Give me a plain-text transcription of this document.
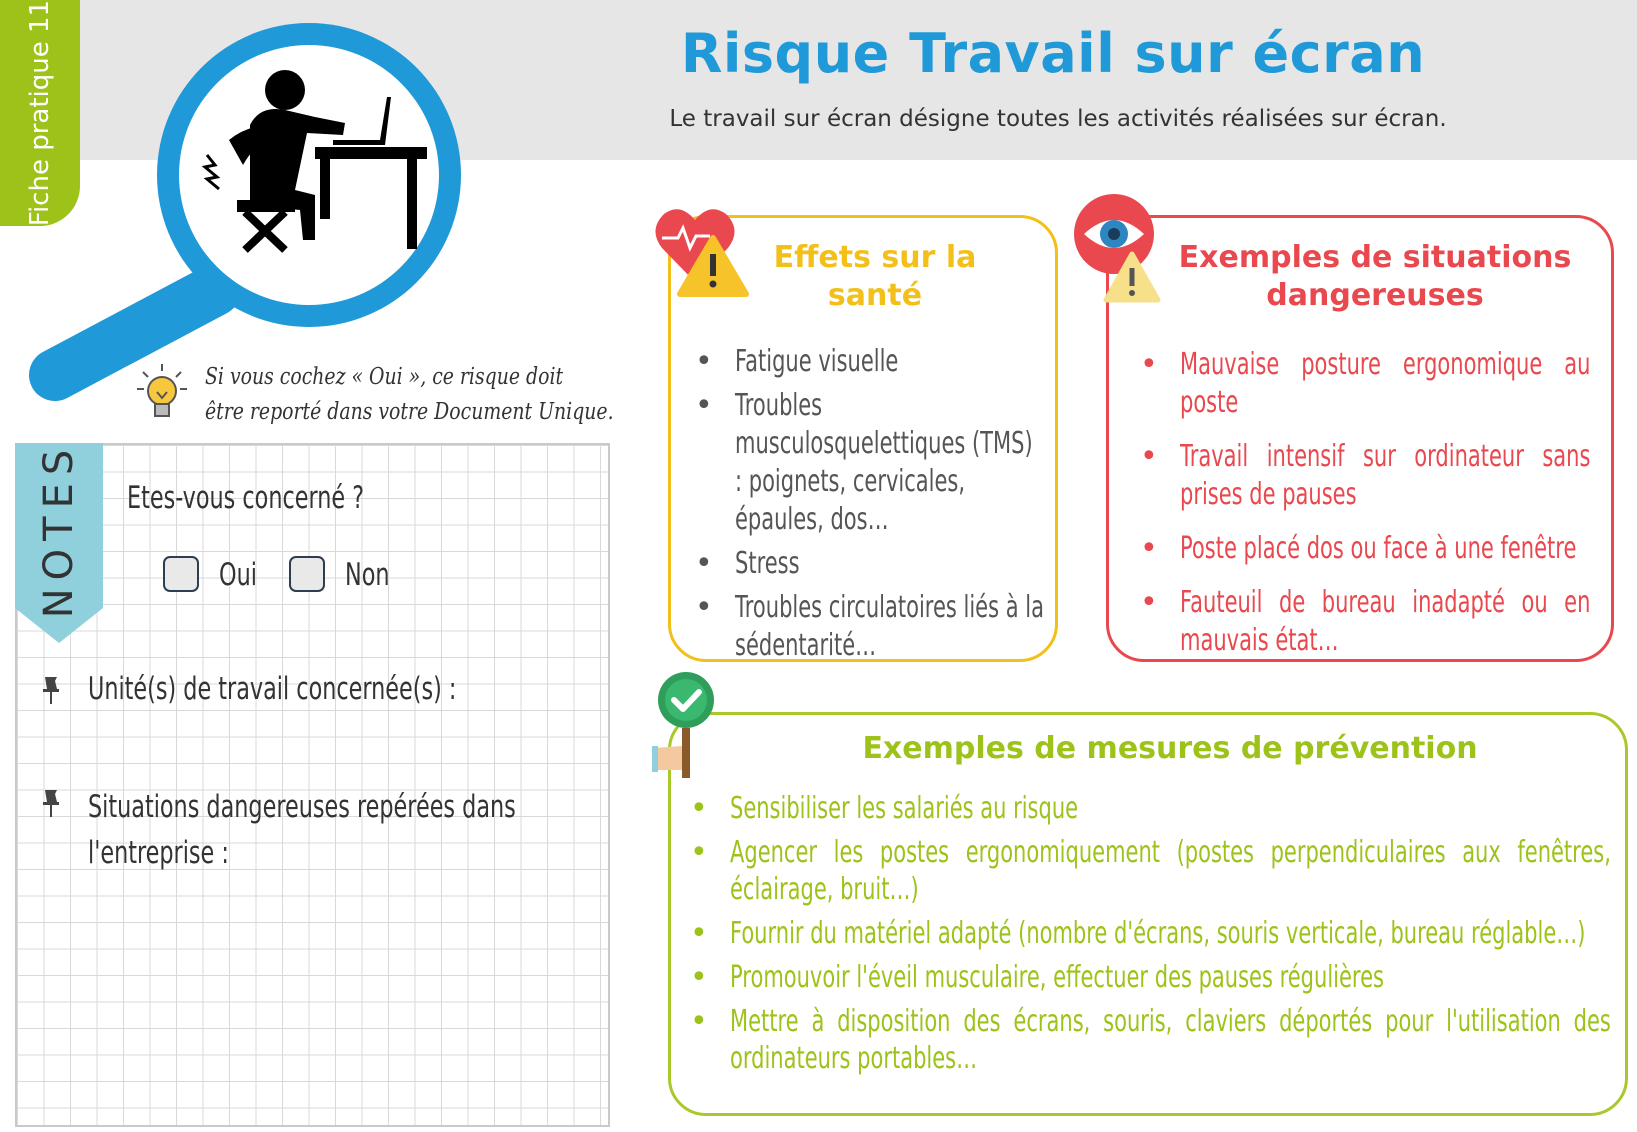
Fiche pratique 11	Risque Travail sur écran
Le travail sur écran désigne toutes les activités réalisées sur écran.
Si vous cochez « Oui », ce risque doit
être reporté dans votre Document Unique.
NOTES Etes-vous concerné ?
Oui	Non
Unité(s) de travail concernée(s) :
Situations dangereuses repérées dans
l'entreprise :
Effets sur la santé
• Fatigue visuelle
• Troubles musculosquelettiques (TMS) : poignets, cervicales, épaules, dos…
• Stress
• Troubles circulatoires liés à la sédentarité…
Exemples de situations dangereuses
• Mauvaise posture ergonomique au poste
• Travail intensif sur ordinateur sans prises de pauses
• Poste placé dos ou face à une fenêtre
• Fauteuil de bureau inadapté ou en mauvais état…
Exemples de mesures de prévention
• Sensibiliser les salariés au risque
• Agencer les postes ergonomiquement (postes perpendiculaires aux fenêtres, éclairage, bruit…)
• Fournir du matériel adapté (nombre d'écrans, souris verticale, bureau réglable…)
• Promouvoir l'éveil musculaire, effectuer des pauses régulières
• Mettre à disposition des écrans, souris, claviers déportés pour l'utilisation des ordinateurs portables…
